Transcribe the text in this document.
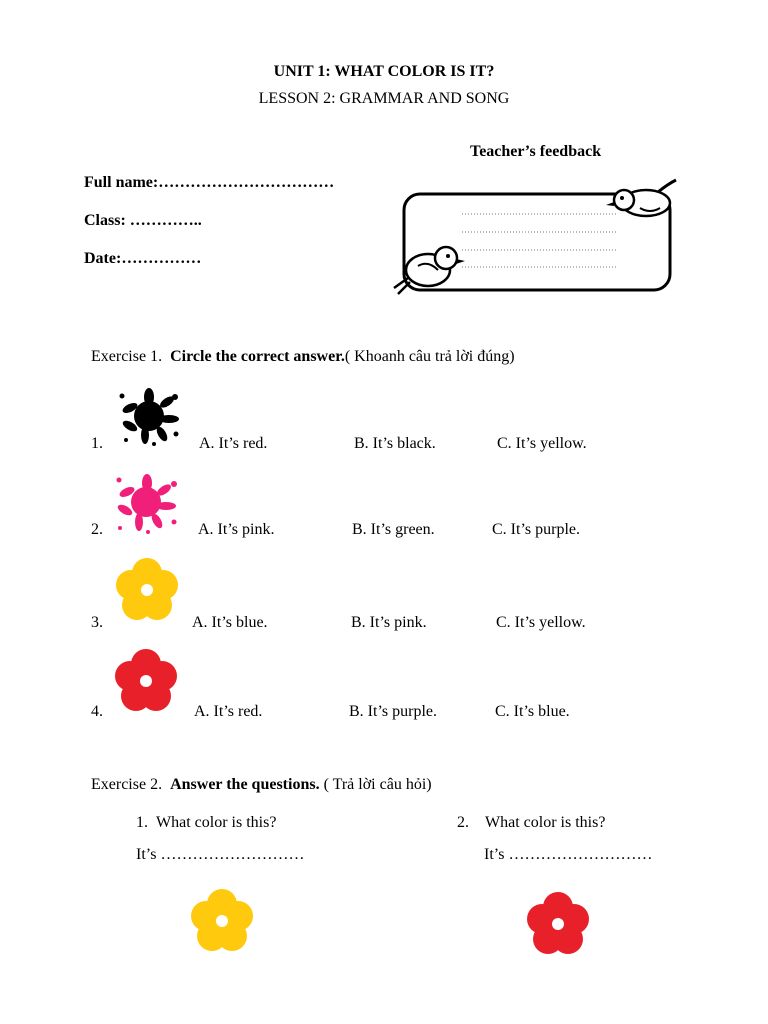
UNIT 1: WHAT COLOR IS IT?
LESSON 2: GRAMMAR AND SONG
Teacher’s feedback
Full name:……………………………
Class: …………..
Date:……………
Exercise 1. Circle the correct answer.( Khoanh câu trả lời đúng)
1.	A. It’s red.	B. It’s black.	C. It’s yellow.
2.	A. It’s pink.	B. It’s green.	C. It’s purple.
3.	A. It’s blue.	B. It’s pink.	C. It’s yellow.
4.	A. It’s red.	B. It’s purple.	C. It’s blue.
Exercise 2. Answer the questions. ( Trả lời câu hỏi)
1. What color is this?
It’s ………………………
2. What color is this?
It’s ………………………
